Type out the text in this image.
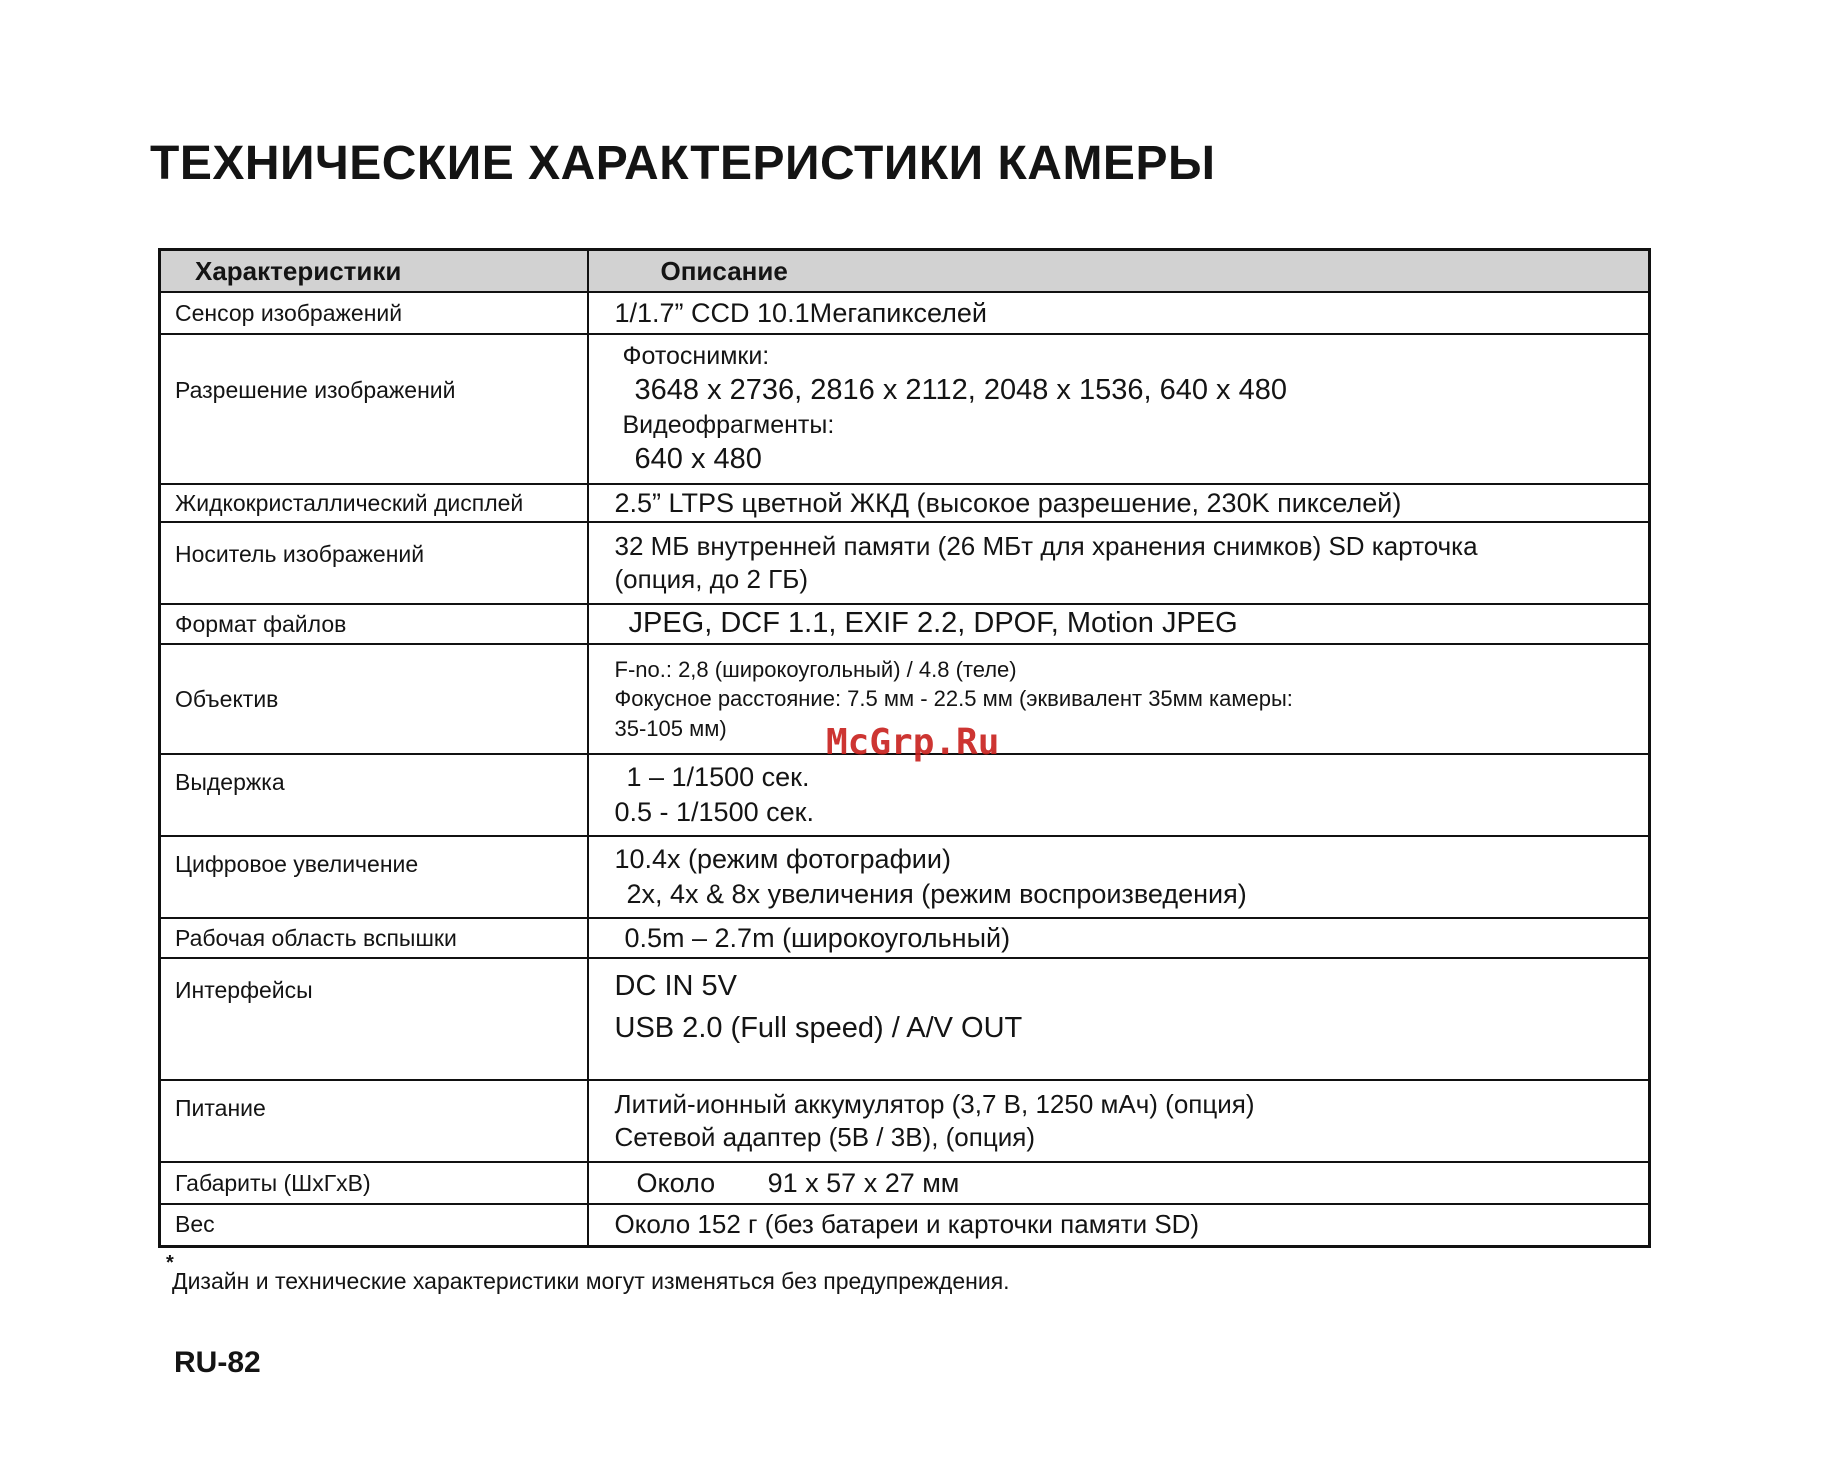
ТЕХНИЧЕСКИЕ ХАРАКТЕРИСТИКИ КАМЕРЫ
Характеристики	Описание
Сенсор изображений	1/1.7” CCD 10.1Мегапикселей

Разрешение изображений	Фотоснимки:
3648 x 2736, 2816 x 2112, 2048 x 1536, 640 x 480
Видеофрагменты:
640 x 480

Жидкокристаллический дисплей	2.5” LTPS цветной ЖКД (высокое разрешение, 230K пикселей)

Носитель изображений	32 МБ внутренней памяти (26 МБт для хранения снимков) SD карточка
(опция, до 2 ГБ)

Формат файлов	JPEG, DCF 1.1, EXIF 2.2, DPOF, Motion JPEG

Объектив	F-no.: 2,8 (широкоугольный) / 4.8 (теле)
Фокусное расстояние: 7.5 мм - 22.5 мм (эквивалент 35мм камеры:
35-105 мм)

Выдержка	1 – 1/1500 сек.
0.5 - 1/1500 сек.

Цифровое увеличение	10.4x (режим фотографии)
2x, 4x & 8x увеличения (режим воспроизведения)

Рабочая область вспышки	0.5m – 2.7m (широкоугольный)

Интерфейсы	DC IN 5V
USB 2.0 (Full speed) / A/V OUT

Питание	Литий-ионный аккумулятор (3,7 В, 1250 мАч) (опция)
Сетевой адаптер (5В / 3В), (опция)

Габариты (ШхГхВ)	Около       91 x 57 x 27 мм

Вес	Около 152 г (без батареи и карточки памяти SD)

*
Дизайн и технические характеристики могут изменяться без предупреждения.

RU-82

McGrp.Ru
